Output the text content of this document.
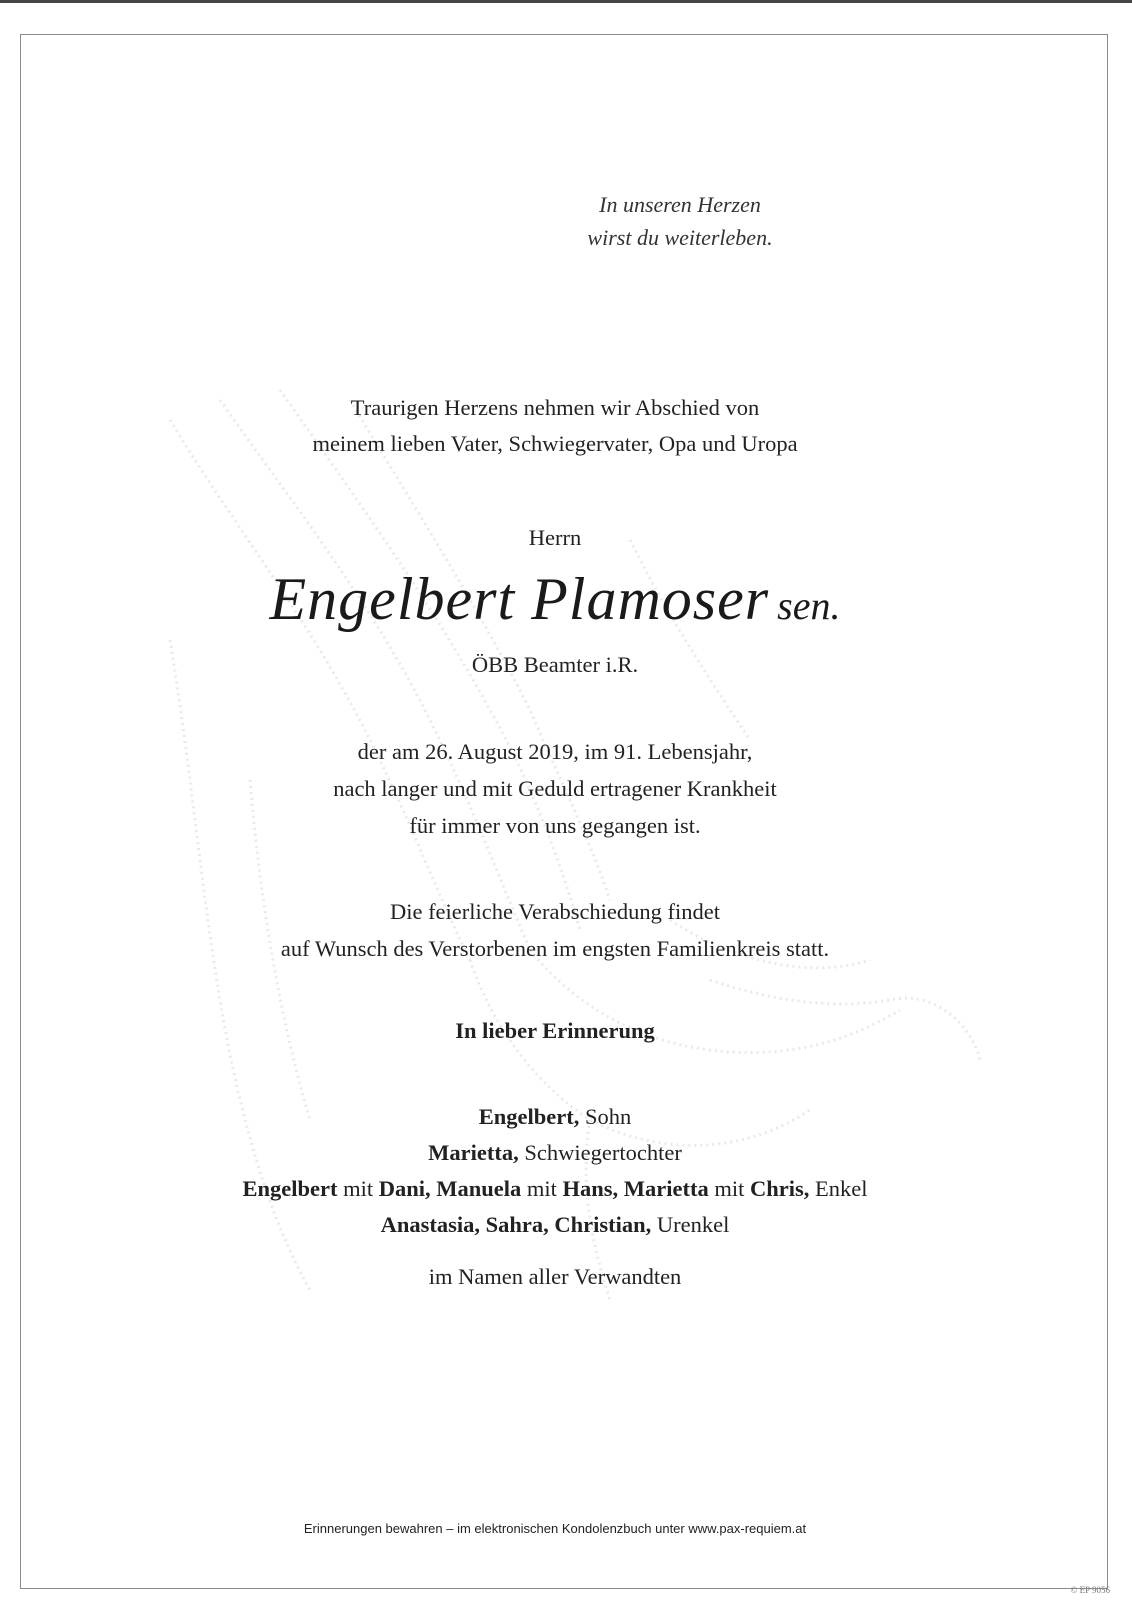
In unseren Herzen
wirst du weiterleben.
Traurigen Herzens nehmen wir Abschied von
meinem lieben Vater, Schwiegervater, Opa und Uropa
Herrn
Engelbert Plamoser sen.
ÖBB Beamter i.R.
der am 26. August 2019, im 91. Lebensjahr,
nach langer und mit Geduld ertragener Krankheit
für immer von uns gegangen ist.
Die feierliche Verabschiedung findet
auf Wunsch des Verstorbenen im engsten Familienkreis statt.
In lieber Erinnerung
Engelbert, Sohn
Marietta, Schwiegertochter
Engelbert mit Dani, Manuela mit Hans, Marietta mit Chris, Enkel
Anastasia, Sahra, Christian, Urenkel
im Namen aller Verwandten
Erinnerungen bewahren – im elektronischen Kondolenzbuch unter www.pax-requiem.at
© EP 9056
